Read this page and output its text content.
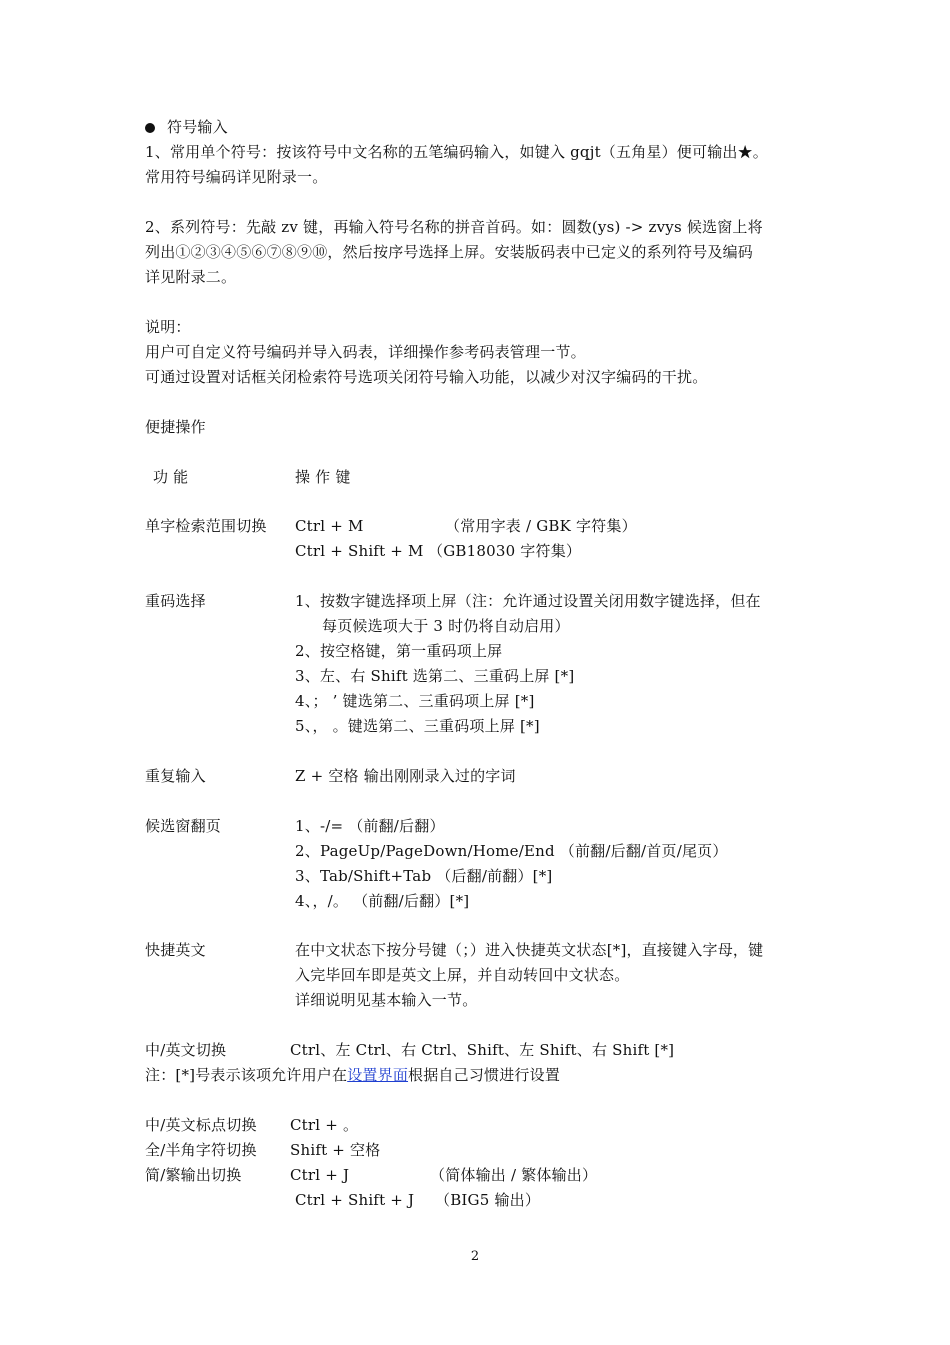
符号输入
1、常用单个符号：按该符号中文名称的五笔编码输入，如键入 gqjt（五角星）便可输出★。
常用符号编码详见附录一。
2、系列符号：先敲 zv 键，再输入符号名称的拼音首码。如：圆数(ys) -> zvys 候选窗上将
列出①②③④⑤⑥⑦⑧⑨⑩，然后按序号选择上屏。安装版码表中已定义的系列符号及编码
详见附录二。
说明：
用户可自定义符号编码并导入码表，详细操作参考码表管理一节。
可通过设置对话框关闭检索符号选项关闭符号输入功能，以减少对汉字编码的干扰。
便捷操作
功 能	操 作 键
单字检索范围切换 Ctrl + M	（常用字表 / GBK 字符集）
Ctrl + Shift + M （GB18030 字符集）
重码选择	1、按数字键选择项上屏（注：允许通过设置关闭用数字键选择，但在
每页候选项大于 3 时仍将自动启用）
2、按空格键，第一重码项上屏
3、左、右 Shift 选第二、三重码上屏 [*]
4、； ’ 键选第二、三重码项上屏 [*]
5、， 。键选第二、三重码项上屏 [*]
重复输入	Z + 空格 输出刚刚录入过的字词
候选窗翻页	1、-/= （前翻/后翻）
2、PageUp/PageDown/Home/End （前翻/后翻/首页/尾页）
3、Tab/Shift+Tab （后翻/前翻）[*]
4、，/。 （前翻/后翻）[*]
快捷英文	在中文状态下按分号键（；）进入快捷英文状态[*]，直接键入字母，键
入完毕回车即是英文上屏，并自动转回中文状态。
详细说明见基本输入一节。
中/英文切换	Ctrl、左 Ctrl、右 Ctrl、Shift、左 Shift、右 Shift [*]
注：[*]号表示该项允许用户在设置界面根据自己习惯进行设置
中/英文标点切换 Ctrl + 。
全/半角字符切换 Shift + 空格
简/繁输出切换	Ctrl + J	（简体输出 / 繁体输出）
Ctrl + Shift + J （BIG5 输出）
2
